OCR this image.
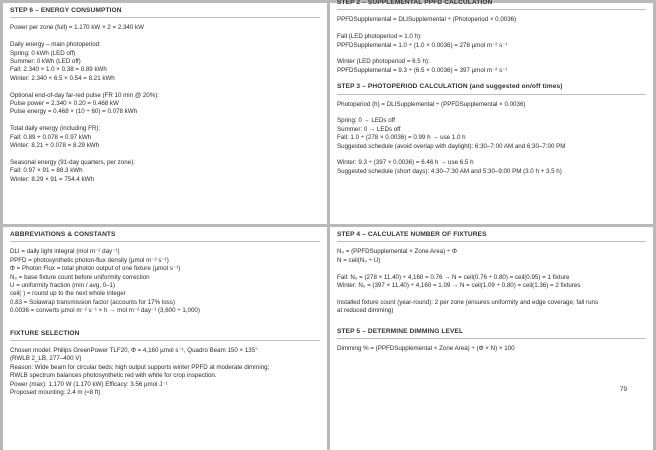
STEP 6 – ENERGY CONSUMPTION
Power per zone (full) = 1.170 kW × 2 = 2.340 kW
Daily energy – main photoperiod:
Spring: 0 kWh (LED off)
Summer: 0 kWh (LED off)
Fall: 2.340 × 1.0 × 0.38 = 0.89 kWh
Winter: 2.340 × 6.5 × 0.54 = 8.21 kWh
Optional end-of-day far-red pulse (FR 10 min @ 20%):
Pulse power = 2.340 × 0.20 = 0.468 kW
Pulse energy = 0.468 × (10 ÷ 60) = 0.078 kWh
Total daily energy (including FR):
Fall: 0.89 + 0.078 = 0.97 kWh
Winter: 8.21 + 0.078 = 8.29 kWh
Seasonal energy (91-day quarters, per zone):
Fall: 0.97 × 91 = 88.3 kWh
Winter: 8.29 × 91 = 754.4 kWh
STEP 2 – SUPPLEMENTAL PPFD CALCULATION
PPFDSupplemental = DLISupplemental ÷ (Photoperiod × 0.0036)
Fall (LED photoperiod = 1.0 h):
PPFDSupplemental = 1.0 ÷ (1.0 × 0.0036) = 278 µmol m⁻² s⁻¹
Winter (LED photoperiod = 6.5 h):
PPFDSupplemental = 9.3 ÷ (6.5 × 0.0036) = 397 µmol m⁻² s⁻¹
STEP 3 – PHOTOPERIOD CALCULATION (and suggested on/off times)
Photoperiod (h) = DLISupplemental ÷ (PPFDSupplemental × 0.0036)
Spring: 0 → LEDs off
Summer: 0 → LEDs off
Fall: 1.0 ÷ (278 × 0.0036) = 0.99 h → use 1.0 h
Suggested schedule (avoid overlap with daylight): 6:30–7:00 AM and 6:30–7:00 PM
Winter: 9.3 ÷ (397 × 0.0036) = 6.46 h → use 6.5 h
Suggested schedule (short days): 4:30–7:30 AM and 5:30–9:00 PM (3.0 h + 3.5 h)
ABBREVIATIONS & CONSTANTS
DLI = daily light integral (mol m⁻² day⁻¹)
PPFD = photosynthetic photon-flux density (µmol m⁻² s⁻¹)
Φ = Photon Flux = total photon output of one fixture (µmol s⁻¹)
N₀ = base fixture count before uniformity correction
U = uniformity fraction (min / avg, 0–1)
ceil( ) = round up to the next whole integer
0.83 = Solawrap transmission factor (accounts for 17% loss)
0.0036 = converts µmol m⁻² s⁻¹ × h → mol m⁻² day⁻¹ (3,600 ÷ 1,000)
FIXTURE SELECTION
Chosen model: Philips GreenPower TLF20, Φ = 4,160 µmol s⁻¹, Quadro Beam 150 × 135°
(RWLB 2_LB, 277–400 V)
Reason: Wide beam for circular beds; high output supports winter PPFD at moderate dimming;
RWLB spectrum balances photosynthetic red with white for crop inspection.
Power (max): 1,170 W (1.170 kW) Efficacy: 3.56 µmol J⁻¹
Proposed mounting: 2.4 m (≈8 ft)
STEP 4 – CALCULATE NUMBER OF FIXTURES
N₀ = (PPFDSupplemental × Zone Area) ÷ Φ
N = ceil(N₀ ÷ U)
Fall: N₀ = (278 × 11.40) ÷ 4,160 = 0.76 → N = ceil(0.76 ÷ 0.80) = ceil(0.95) = 1 fixture
Winter: N₀ = (397 × 11.40) ÷ 4,160 = 1.09 → N = ceil(1.09 ÷ 0.80) = ceil(1.36) = 2 fixtures
Installed fixture count (year-round): 2 per zone (ensures uniformity and edge coverage; fall runs
at reduced dimming)
STEP 5 – DETERMINE DIMMING LEVEL
Dimming % = (PPFDSupplemental × Zone Area) ÷ (Φ × N) × 100
79
